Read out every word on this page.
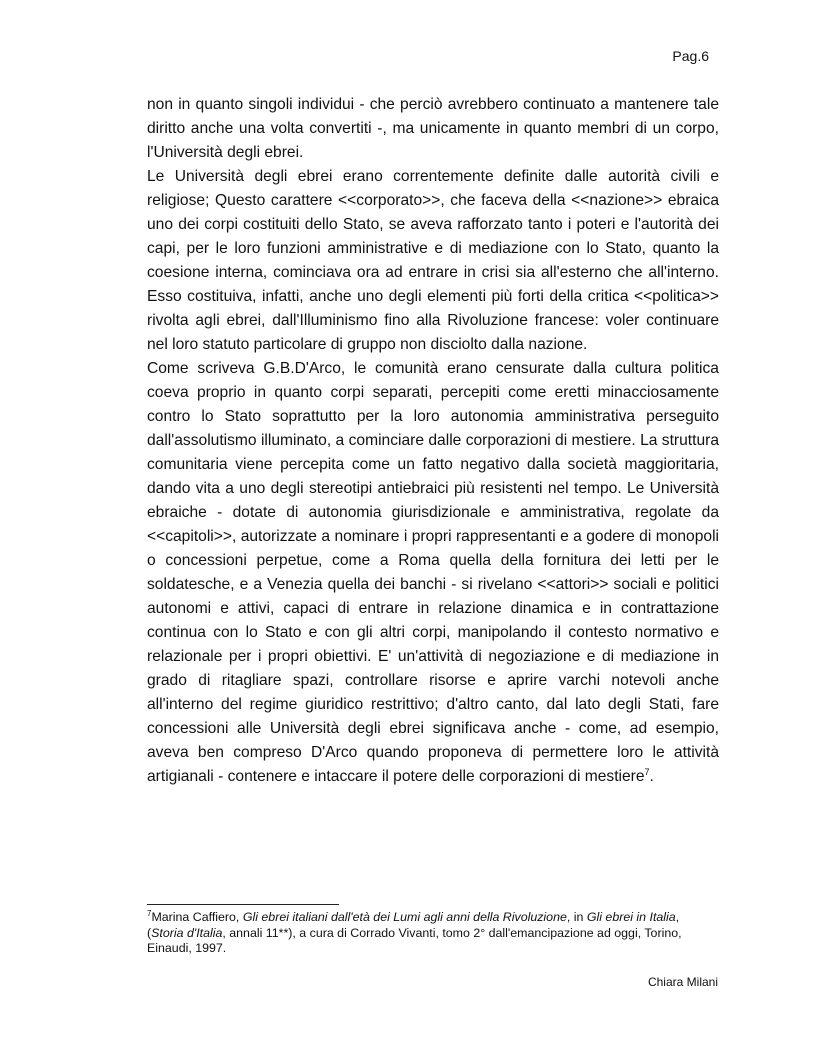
Pag.6

non in quanto singoli individui - che perciò avrebbero continuato a mantenere tale diritto anche una volta convertiti -, ma unicamente in quanto membri di un corpo, l'Università degli ebrei.

Le Università degli ebrei erano correntemente definite dalle autorità civili e religiose; Questo carattere <<corporato>>, che faceva della <<nazione>> ebraica uno dei corpi costituiti dello Stato, se aveva rafforzato tanto i poteri e l'autorità dei capi, per le loro funzioni amministrative e di mediazione con lo Stato, quanto la coesione interna, cominciava ora ad entrare in crisi sia all'esterno che all'interno. Esso costituiva, infatti, anche uno degli elementi più forti della critica <<politica>> rivolta agli ebrei, dall'Illuminismo fino alla Rivoluzione francese: voler continuare nel loro statuto particolare di gruppo non disciolto dalla nazione.

Come scriveva G.B.D'Arco, le comunità erano censurate dalla cultura politica coeva proprio in quanto corpi separati, percepiti come eretti minacciosamente contro lo Stato soprattutto per la loro autonomia amministrativa perseguito dall'assolutismo illuminato, a cominciare dalle corporazioni di mestiere. La struttura comunitaria viene percepita come un fatto negativo dalla società maggioritaria, dando vita a uno degli stereotipi antiebraici più resistenti nel tempo. Le Università ebraiche - dotate di autonomia giurisdizionale e amministrativa, regolate da <<capitoli>>, autorizzate a nominare i propri rappresentanti e a godere di monopoli o concessioni perpetue, come a Roma quella della fornitura dei letti per le soldatesche, e a Venezia quella dei banchi - si rivelano <<attori>> sociali e politici autonomi e attivi, capaci di entrare in relazione dinamica e in contrattazione continua con lo Stato e con gli altri corpi, manipolando il contesto normativo e relazionale per i propri obiettivi. E' un'attività di negoziazione e di mediazione in grado di ritagliare spazi, controllare risorse e aprire varchi notevoli anche all'interno del regime giuridico restrittivo; d'altro canto, dal lato degli Stati, fare concessioni alle Università degli ebrei significava anche - come, ad esempio, aveva ben compreso D'Arco quando proponeva di permettere loro le attività artigianali - contenere e intaccare il potere delle corporazioni di mestiere$^7$.

$^7$Marina Caffiero, Gli ebrei italiani dall'età dei Lumi agli anni della Rivoluzione, in Gli ebrei in Italia, (Storia d'Italia, annali 11**), a cura di Corrado Vivanti, tomo 2° dall'emancipazione ad oggi, Torino, Einaudi, 1997.
Chiara Milani
